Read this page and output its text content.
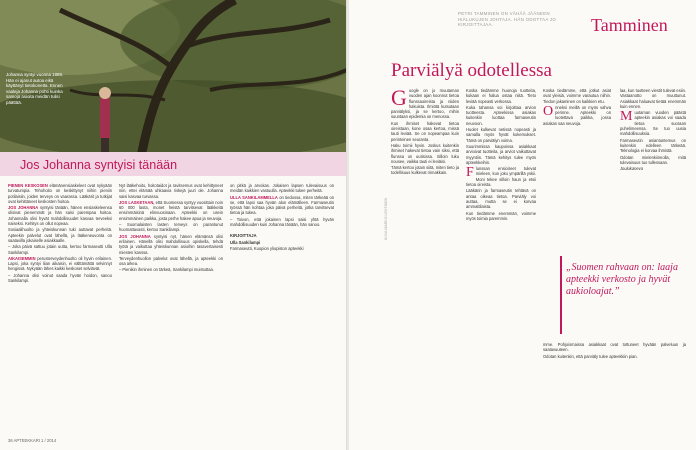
Johanna syntyi vuonna 1888. Hän ei ajanut autoa eikä käyttänyt tietokonetta. Ennen vaaleja Johanna pohti kuinka samoja asioita meidän tulisi päättää.
Jos Johanna syntyisi tänään

PIENEN KESKOSEN elämänensiaskeleet ovat nykyään turvatumpia. Tehohoito on keskittynyt niihin pieniin potilaisiin, joiden terveys on vaarassa. Lääkärit ja tutkijat ovat kehittäneet keskosten hoitoa.

JOS JOHANNA syntyisi tänään, hänen ensiaskeleensa olisivat pienemmät ja hän saisi parempaa hoitoa. Johannalla olisi hyvät mahdollisuudet kasvaa terveeksi naiseksi. Kehitys on ollut nopeaa.

Sosiaalihuolto ja yhteiskunnan tuki auttavat perheitä. Apteekin palvelut ovat lähellä, ja lääkeneuvonta on saatavilla jokaiselle asiakkaalle.

– Joka päivä sattuu jotain uutta, kertoo farmaseutti Ulla Sankilampi.

AIKAISEMMIN perusterveydenhuolto oli hyvin erilainen. Lapsi, joka syntyi liian aikaisin, ei välttämättä selvinnyt hengissä. Nykyään lähes kaikki keskoset selviävät.

– Johanna olisi voinut saada hyvän hoidon, sanoo Sankilampi.

Nyt lääkehoito, hoitotaidot ja ravitsemus ovat kehittyneet niin, ettei elämää uhkaavia riskejä juuri ole. Johanna saisi kasvaa turvassa.

JOS LASKETAAN, että Suomessa syntyy vuosittain noin 60 000 lasta, monet heistä tarvitsevat lääkkeitä ensimmäisinä elinvuosinaan. Apteekki on usein ensimmäinen paikka, josta perhe hakee apua ja neuvoja.

– Suomalaisten lasten terveys on parantunut huomattavasti, kertoo Sankilampi.

JOS JOHANNA syntyisi nyt, hänen elämänsä olisi erilainen. Hänellä olisi mahdollisuus opiskella, tehdä työtä ja vaikuttaa yhteiskunnan asioihin tasavertaisesti miesten kanssa.

Terveydenhuollon palvelut ovat lähellä, ja apteekki on osa arkea.

– Pienikin ihminen on tärkeä, Sankilampi muistuttaa.

on pitkä ja arvokas. Jokaisen lapsen tulevaisuus on meidän kaikkien vastuulla. Apteekki tukee perheitä.

ULLA SANKILAMMELLA on tiedossa, miten tärkeää on se, että lapsi saa hyvän alun elämälleen. Farmaseutin työssä hän kohtaa joka päivä perheitä, jotka tarvitsevat tietoa ja tukea.

– Toivon, että jokainen lapsi saisi yhtä hyvän mahdollisuuden kuin Johanna tänään, hän sanoo.

KIRJOITTAJA

Ulla Sankilampi

Farmaseutti, Kuopion yliopiston apteekki

36 APTEEKKARI 1 / 2014
PETRI TAMMINEN ON VÄHÄÄ JÄÄNEEN IKÄLUKUJEN JOHTAJA. HÄN ODOTTAA JO KIRJOITTAJAA.	Tamminen
Parviälyä odotellessa
KUVA MARKO LEHTINEN

Google on jo muutaman vuoden ajan koonnut tietoa flunssaoireista ja niiden hakuista. Ilmiötä kutsutaan parviälyksi, ja se kertoo, mihin suuntaan epidemia on menossa.

Kun ihmiset hakevat tietoa oireistaan, kone osaa kertoa, missä tauti leviää. Se on nopeampaa kuin perinteinen seuranta.

Haku toimii hyvin. Joskus kuitenkin ihmiset hakevat tietoa vain siksi, että flunssa on uutisissa. Silloin luku nousee, vaikka tauti ei leviäisi.

Tämä kertoo jotain siitä, miten tieto ja todellisuus kulkevat rinnakkain.

Koska tiedämme huonoja tuotteita, kukaan ei halua ostaa niitä. Tieto leviää nopeasti verkossa.

Kuka tahansa voi kirjoittaa arvion tuotteesta. Apteekissa asiakas kuitenkin luottaa farmaseutin neuvoon.

Huolet kulkevat netissä nopeasti ja samalla myös hyvät kokemukset. Tämä on parviälyn voima.

Suurimmissa kaupoissa asiakkaat arvioivat tuotteita, ja arviot vaikuttavat myyntiin. Tämä kehitys tulee myös apteekkeihin.

Flunssan ensioireet tulevat mieleen, kun joku ympärillä yskii. Moni tekee silloin haun ja etsii tietoa oireista.

Lääkärin ja farmaseutin tehtävä on antaa oikeaa tietoa. Parviäly voi auttaa, mutta se ei korvaa ammattilaista.

Kun tiedämme enemmän, voimme myös toimia paremmin.

Koska tiedämme, että jotkut asiat ovat yleisiä, voimme varautua niihin. Tiedon jakaminen on kaikkien etu.

Onneksi meillä on myös vahva perinne. Apteekki on luotettava paikka, jossa asiakas saa neuvoja.

laa, kun tuotteen viestit tulevat esiin. Vastaanotto on muuttunut. Asiakkaat haluavat tietää enemmän kuin ennen.

Muutaman vuoden päästä apteekin asiakas voi saada tietoa suoraan puhelimeensa. Se tuo uusia mahdollisuuksia.

Farmaseutin asiantuntemus on kuitenkin edelleen tärkeää. Teknologia ei korvaa ihmistä.

Odotan mielenkiinnolla, mitä tulevaisuus tuo tullessaan.

Joulukaneva

„Suomen rahvaan on: laaja apteekki verkosto ja hyvät aukioloajat.”

mme. Pohjoismaissa asiakkaat ovat tottuneet hyvään palveluun ja saatavuuteen.

Odotan kuitenkin, että parviäly tulee apteekkiin pian.
